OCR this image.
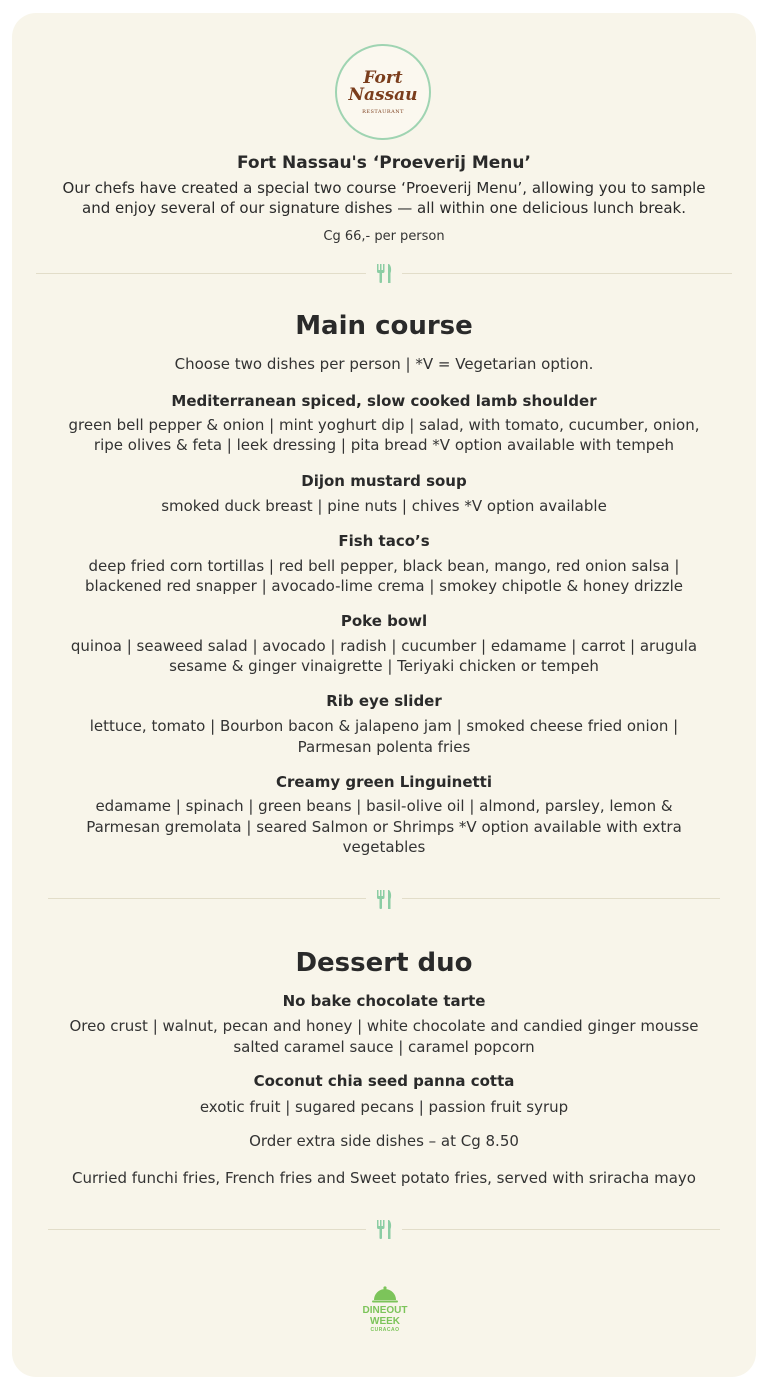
Fort
Nassau
RESTAURANT
Fort Nassau's ‘Proeverij Menu’
Our chefs have created a special two course ‘Proeverij Menu’, allowing you to sample
and enjoy several of our signature dishes — all within one delicious lunch break.
Cg 66,- per person
Main course
Choose two dishes per person | *V = Vegetarian option.
Mediterranean spiced, slow cooked lamb shoulder
green bell pepper & onion | mint yoghurt dip | salad, with tomato, cucumber, onion,
ripe olives & feta | leek dressing | pita bread *V option available with tempeh
Dijon mustard soup
smoked duck breast | pine nuts | chives *V option available
Fish taco’s
deep fried corn tortillas | red bell pepper, black bean, mango, red onion salsa |
blackened red snapper | avocado-lime crema | smokey chipotle & honey drizzle
Poke bowl
quinoa | seaweed salad | avocado | radish | cucumber | edamame | carrot | arugula
sesame & ginger vinaigrette | Teriyaki chicken or tempeh
Rib eye slider
lettuce, tomato | Bourbon bacon & jalapeno jam | smoked cheese fried onion |
Parmesan polenta fries
Creamy green Linguinetti
edamame | spinach | green beans | basil-olive oil | almond, parsley, lemon &
Parmesan gremolata | seared Salmon or Shrimps *V option available with extra
vegetables
Dessert duo
No bake chocolate tarte
Oreo crust | walnut, pecan and honey | white chocolate and candied ginger mousse
salted caramel sauce | caramel popcorn
Coconut chia seed panna cotta
exotic fruit | sugared pecans | passion fruit syrup
Order extra side dishes – at Cg 8.50
Curried funchi fries, French fries and Sweet potato fries, served with sriracha mayo
DINEOUT
WEEK
CURACAO
